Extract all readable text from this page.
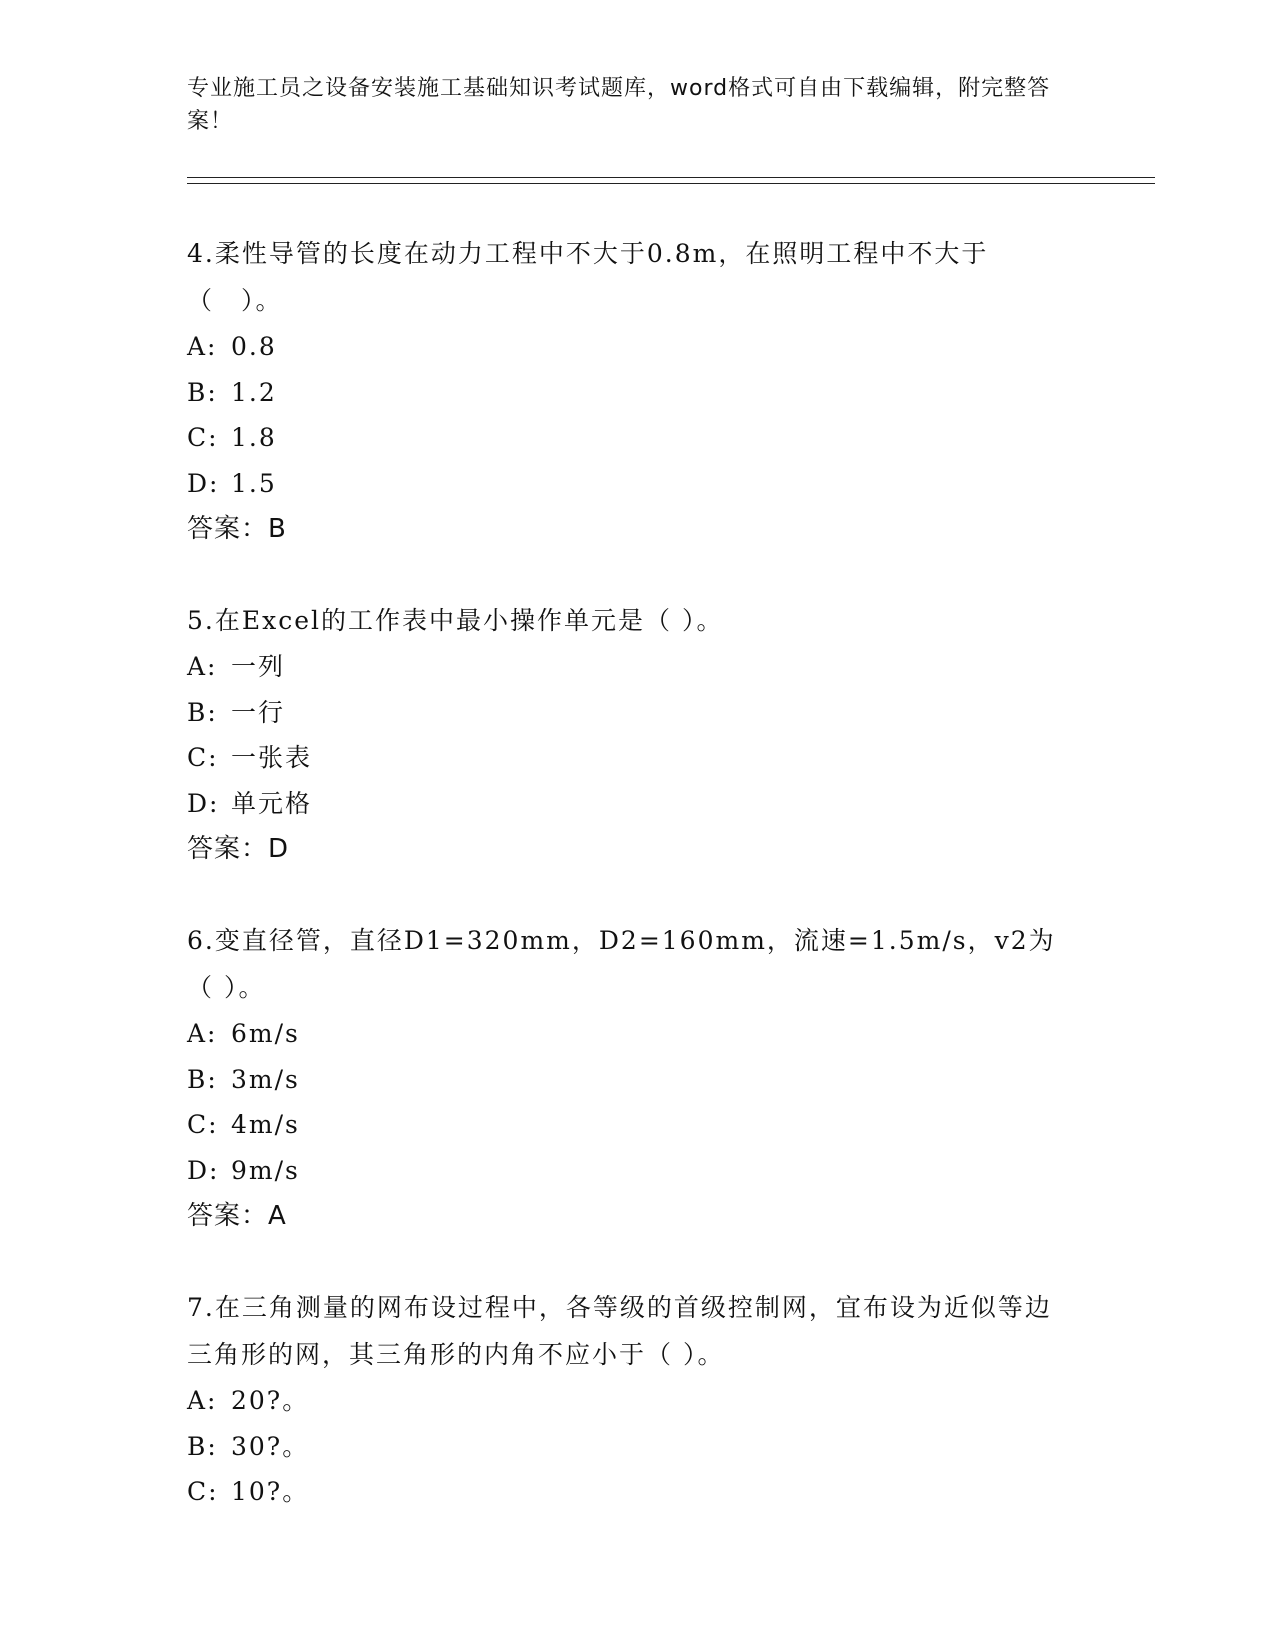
专业施工员之设备安装施工基础知识考试题库，word格式可自由下载编辑，附完整答案！
4.柔性导管的长度在动力工程中不大于0.8m，在照明工程中不大于（　）。
A: 0.8
B: 1.2
C: 1.8
D: 1.5
答案：B
5.在Excel的工作表中最小操作单元是（ ）。
A: 一列
B: 一行
C: 一张表
D: 单元格
答案：D
6.变直径管，直径D1=320mm，D2=160mm，流速=1.5m/s，v2为（ ）。
A: 6m/s
B: 3m/s
C: 4m/s
D: 9m/s
答案：A
7.在三角测量的网布设过程中，各等级的首级控制网，宜布设为近似等边三角形的网，其三角形的内角不应小于（ ）。
A: 20?。
B: 30?。
C: 10?。
